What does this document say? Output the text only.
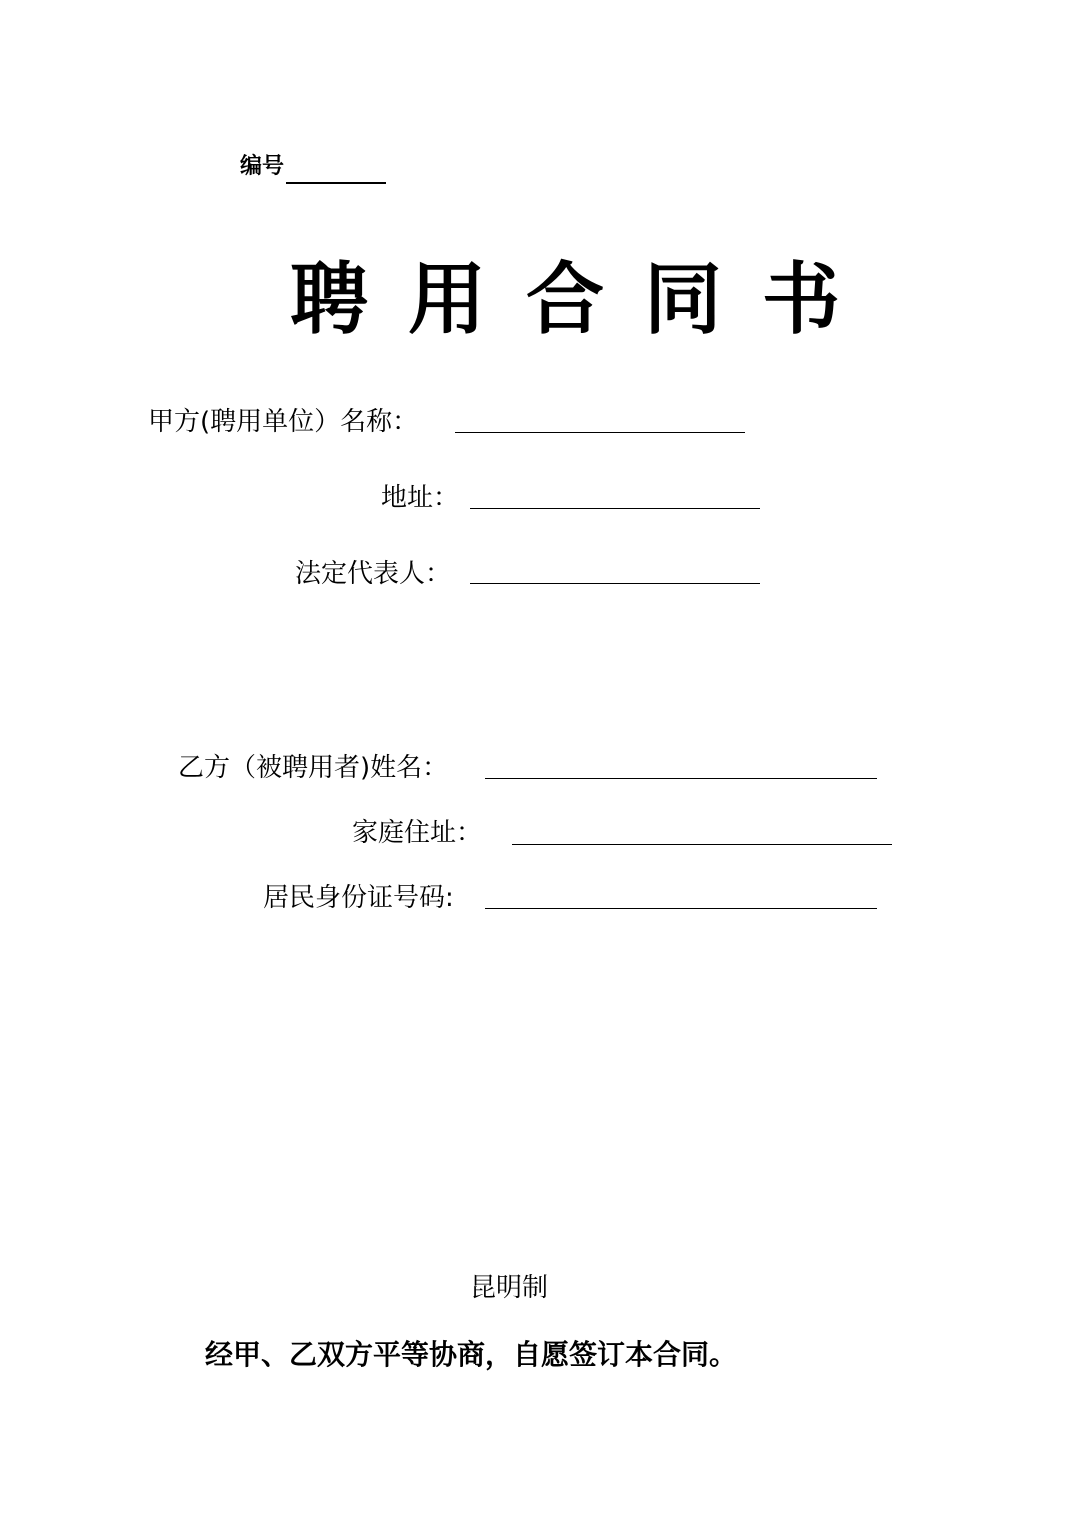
编号
聘用合同书
甲方(聘用单位）名称：
地址：
法定代表人：
乙方（被聘用者)姓名：
家庭住址：
居民身份证号码:
昆明制
经甲、乙双方平等协商，自愿签订本合同。
